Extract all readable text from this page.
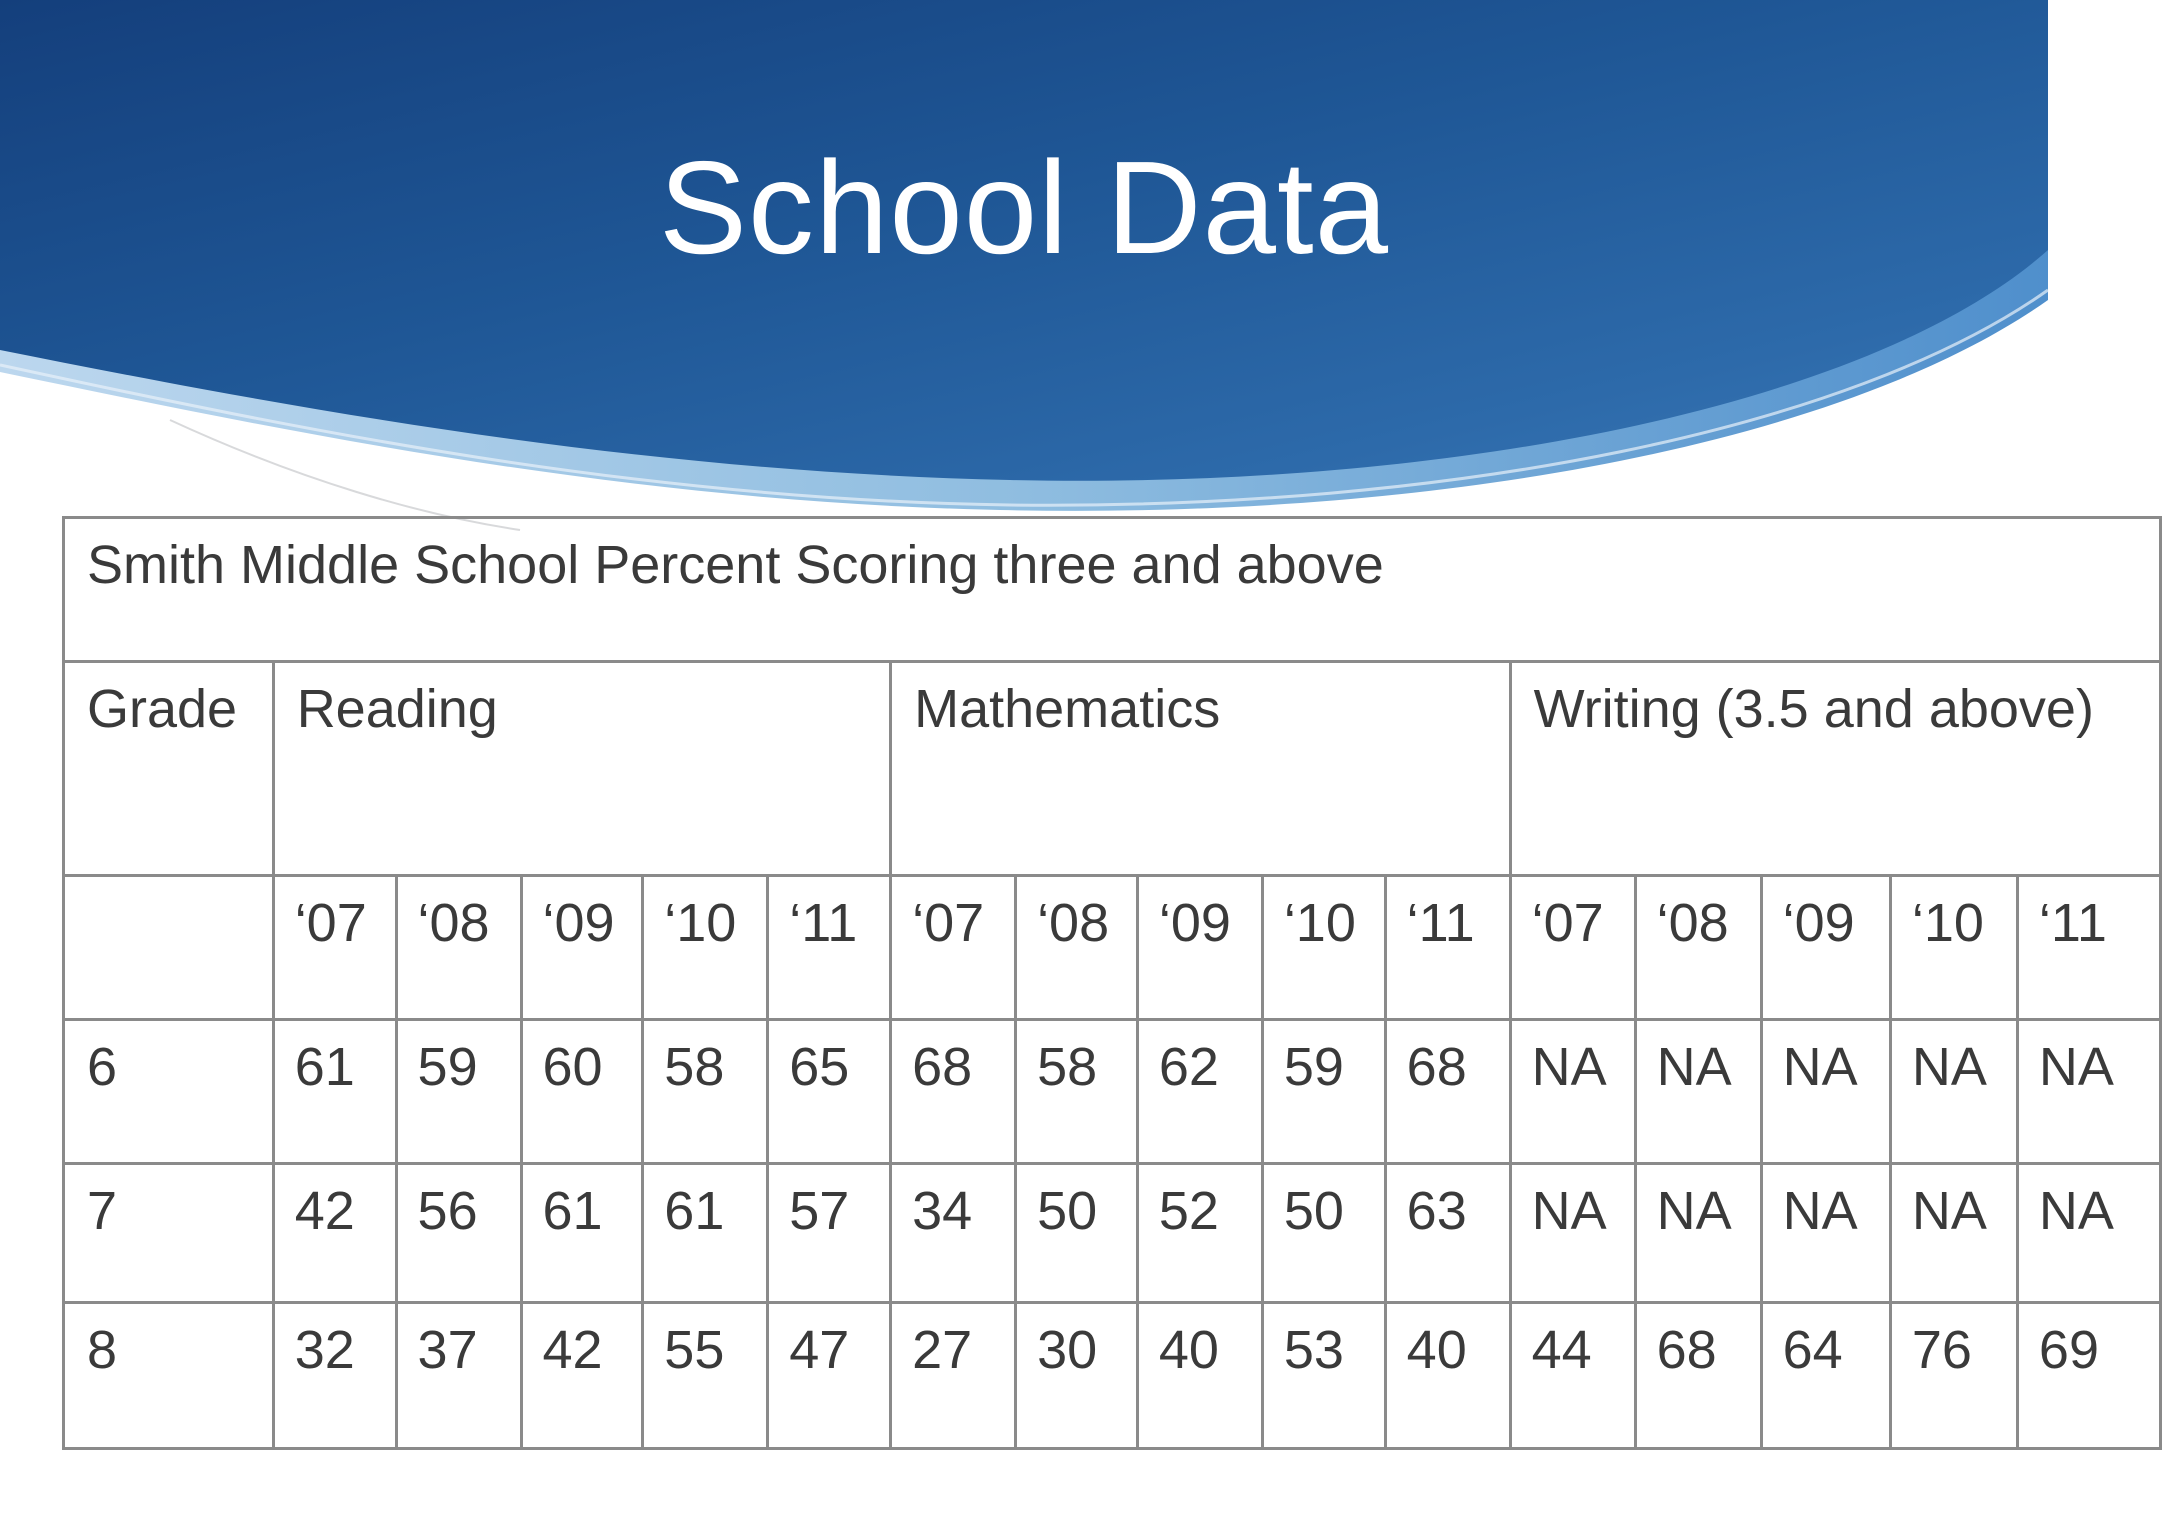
School Data
Smith Middle School Percent Scoring three and above															
Grade	Reading					Mathematics					Writing (3.5 and above)				
	‘07	‘08	‘09	‘10	‘11	‘07	‘08	‘09	‘10	‘11	‘07	‘08	‘09	‘10	‘11
6	61	59	60	58	65	68	58	62	59	68	NA	NA	NA	NA	NA
7	42	56	61	61	57	34	50	52	50	63	NA	NA	NA	NA	NA
8	32	37	42	55	47	27	30	40	53	40	44	68	64	76	69
